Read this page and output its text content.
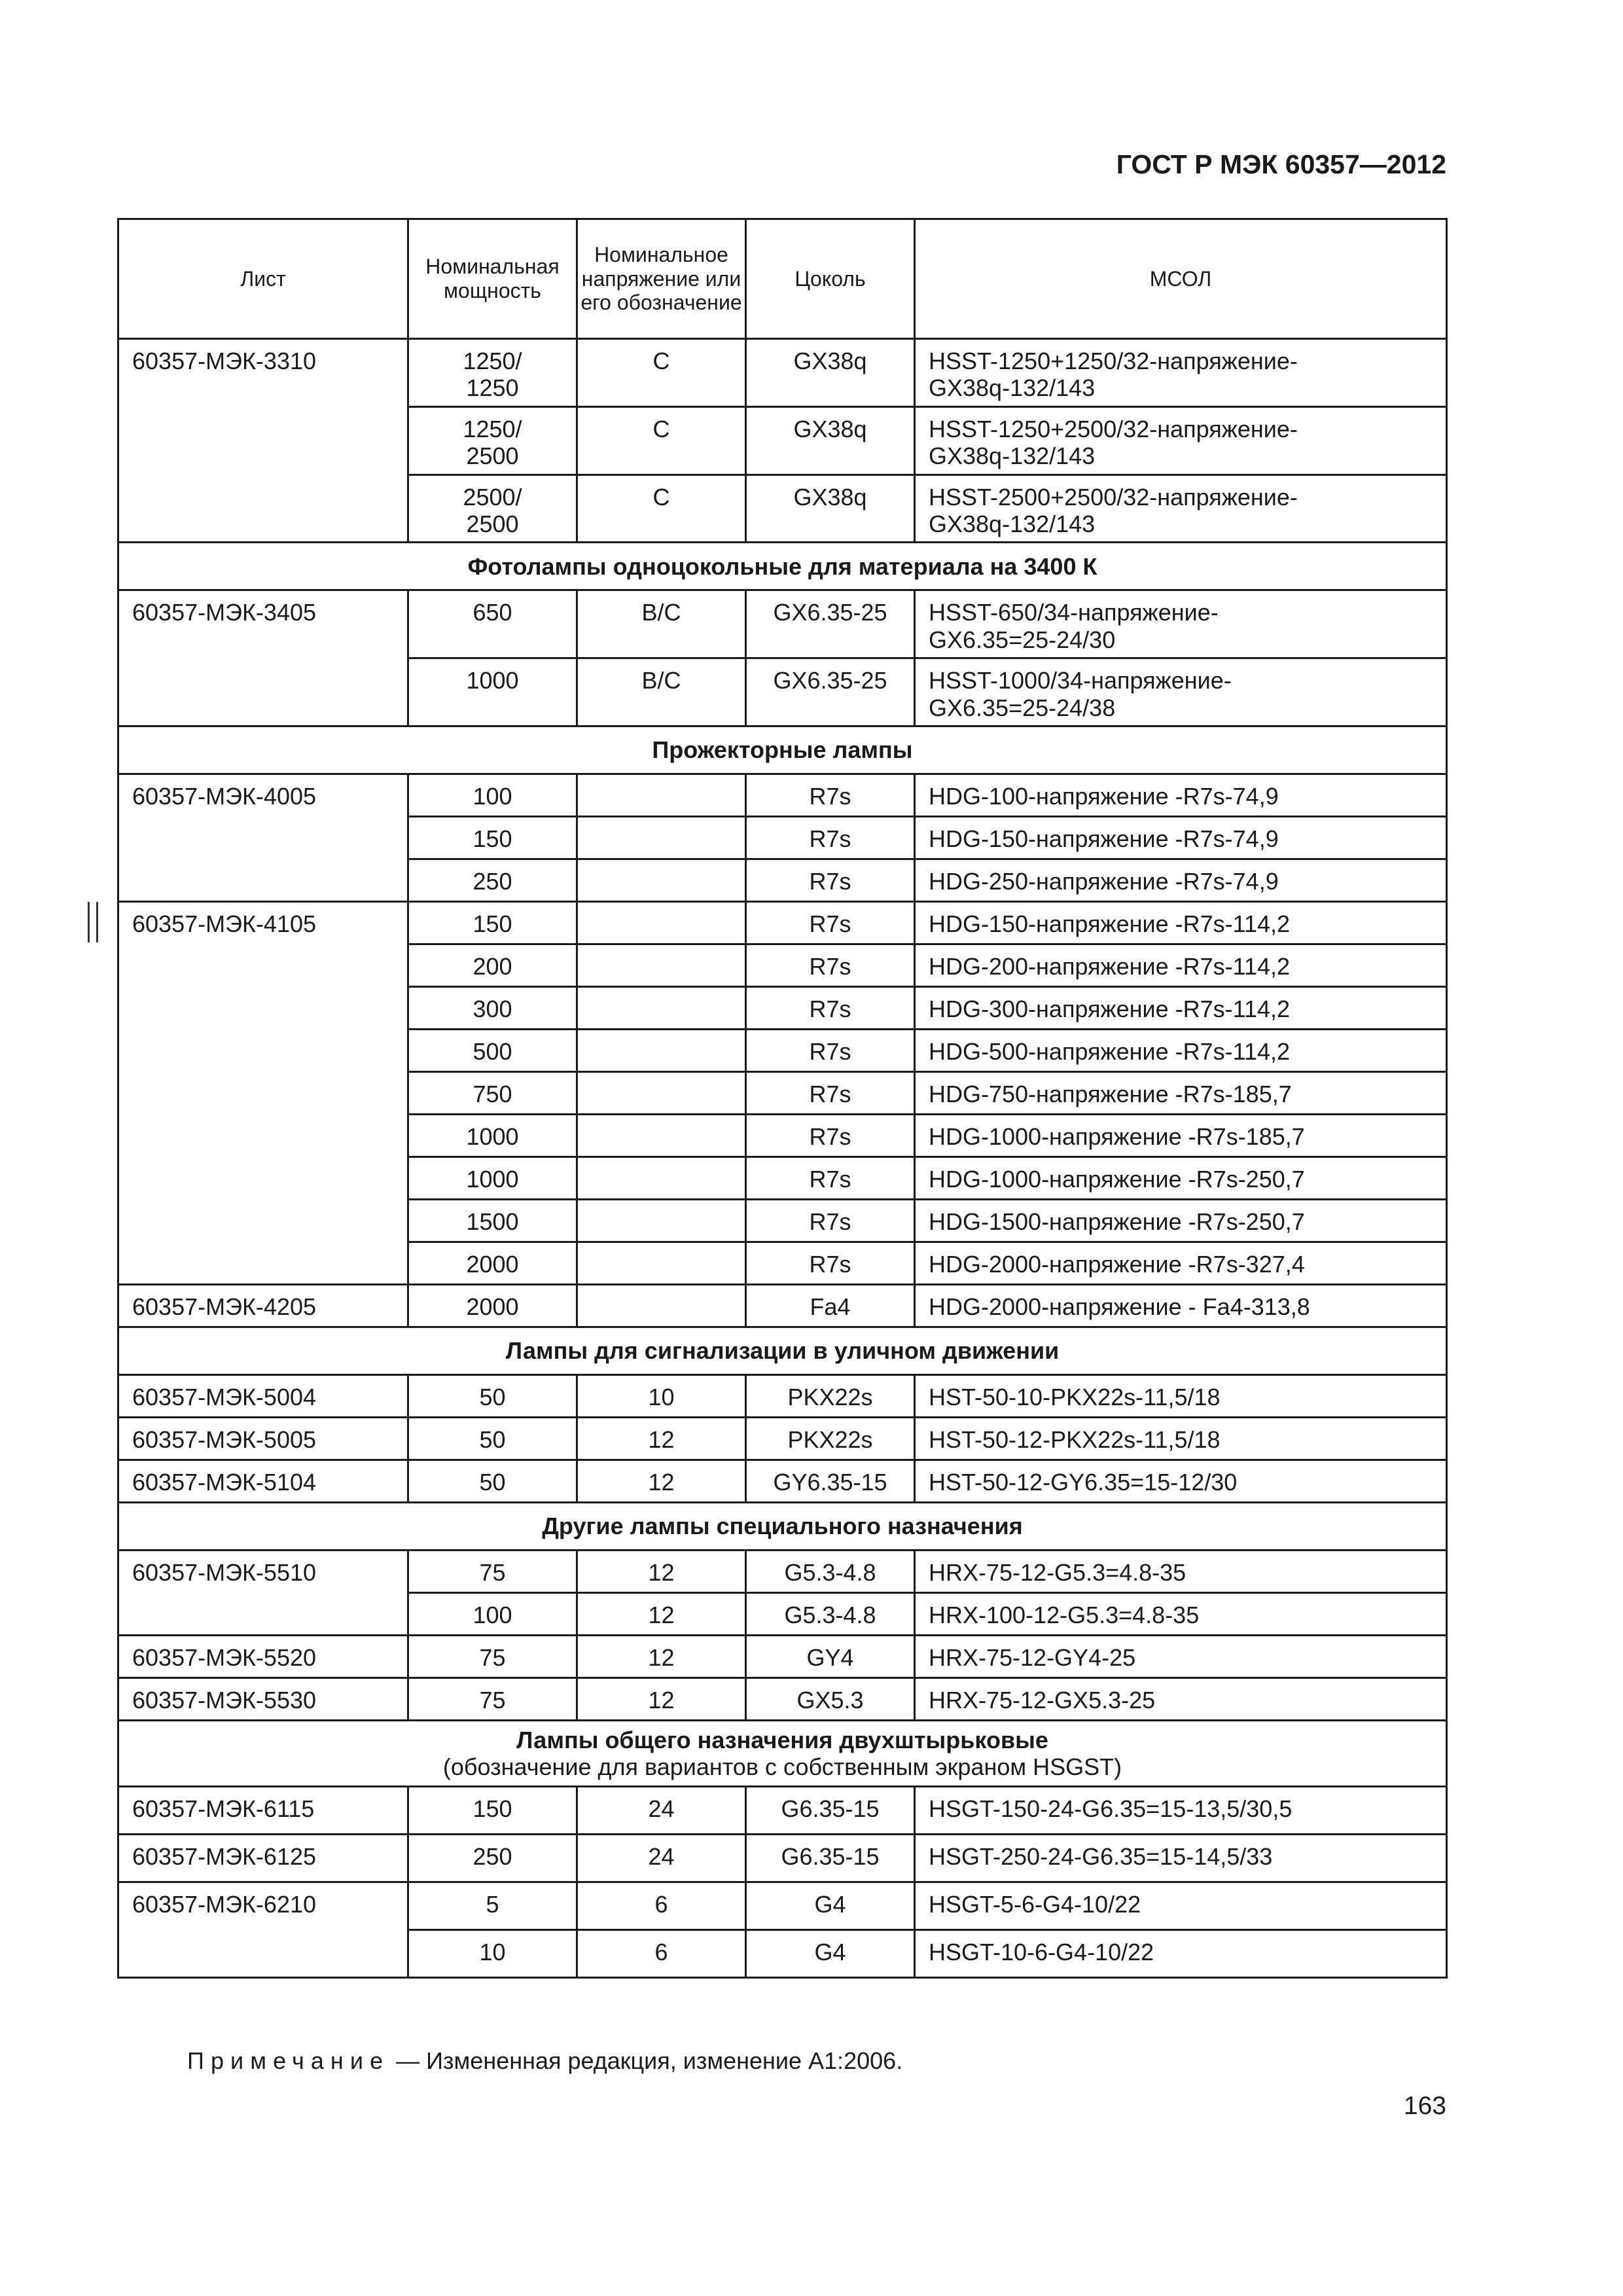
ГОСТ Р МЭК 60357—2012
Лист	Номинальная мощность	Номинальное напряжение или его обозначение	Цоколь	МСОЛ

60357-МЭК-3310	1250/
1250	C	GX38q	HSST-1250+1250/32-напряжение-
GX38q-132/143

	1250/
2500	C	GX38q	HSST-1250+2500/32-напряжение-
GX38q-132/143

	2500/
2500	C	GX38q	HSST-2500+2500/32-напряжение-
GX38q-132/143

Фотолампы одноцокольные для материала на 3400 К				

60357-МЭК-3405	650	B/C	GX6.35-25	HSST-650/34-напряжение-
GX6.35=25-24/30

	1000	B/C	GX6.35-25	HSST-1000/34-напряжение-
GX6.35=25-24/38

Прожекторные лампы				

60357-МЭК-4005	100		R7s	HDG-100-напряжение -R7s-74,9

	150		R7s	HDG-150-напряжение -R7s-74,9

	250		R7s	HDG-250-напряжение -R7s-74,9

60357-МЭК-4105	150		R7s	HDG-150-напряжение -R7s-114,2

	200		R7s	HDG-200-напряжение -R7s-114,2

	300		R7s	HDG-300-напряжение -R7s-114,2

	500		R7s	HDG-500-напряжение -R7s-114,2

	750		R7s	HDG-750-напряжение -R7s-185,7

	1000		R7s	HDG-1000-напряжение -R7s-185,7

	1000		R7s	HDG-1000-напряжение -R7s-250,7

	1500		R7s	HDG-1500-напряжение -R7s-250,7

	2000		R7s	HDG-2000-напряжение -R7s-327,4

60357-МЭК-4205	2000		Fa4	HDG-2000-напряжение - Fa4-313,8

Лампы для сигнализации в уличном движении				

60357-МЭК-5004	50	10	PKX22s	HST-50-10-PKX22s-11,5/18

60357-МЭК-5005	50	12	PKX22s	HST-50-12-PKX22s-11,5/18

60357-МЭК-5104	50	12	GY6.35-15	HST-50-12-GY6.35=15-12/30

Другие лампы специального назначения				

60357-МЭК-5510	75	12	G5.3-4.8	HRX-75-12-G5.3=4.8-35

	100	12	G5.3-4.8	HRX-100-12-G5.3=4.8-35

60357-МЭК-5520	75	12	GY4	HRX-75-12-GY4-25

60357-МЭК-5530	75	12	GX5.3	HRX-75-12-GX5.3-25

Лампы общего назначения двухштырьковые
(обозначение для вариантов с собственным экраном HSGST)				

60357-МЭК-6115	150	24	G6.35-15	HSGT-150-24-G6.35=15-13,5/30,5

60357-МЭК-6125	250	24	G6.35-15	HSGT-250-24-G6.35=15-14,5/33

60357-МЭК-6210	5	6	G4	HSGT-5-6-G4-10/22

	10	6	G4	HSGT-10-6-G4-10/22
Примечание — Измененная редакция, изменение А1:2006.
163
